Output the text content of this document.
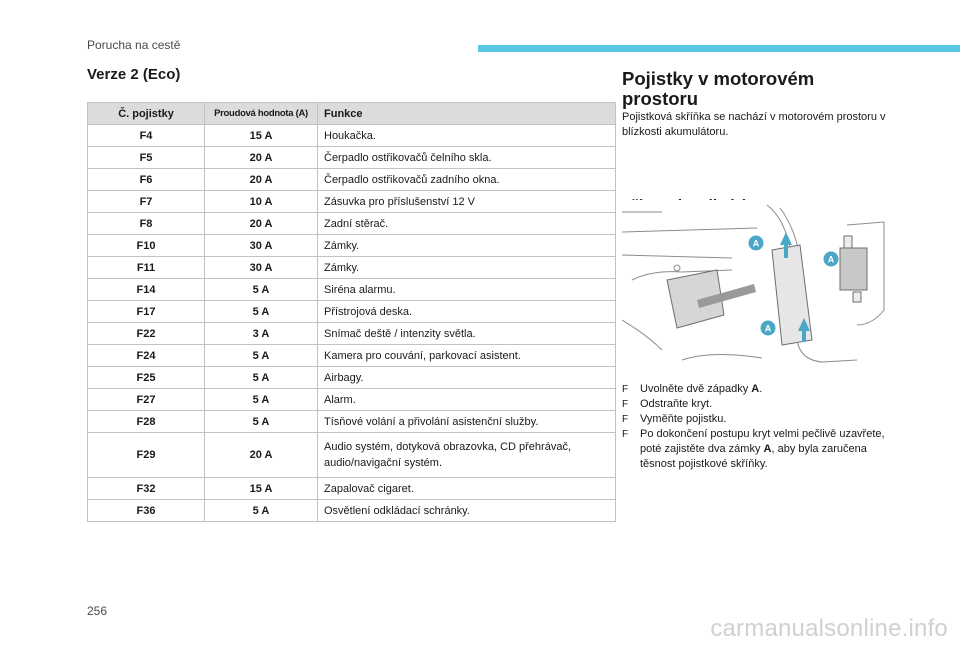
Porucha na cestě
Verze 2 (Eco)
Č. pojistky	Proudová hodnota (A)	Funkce
F4	15 A	Houkačka.
F5	20 A	Čerpadlo ostřikovačů čelního skla.
F6	20 A	Čerpadlo ostřikovačů zadního okna.
F7	10 A	Zásuvka pro příslušenství 12 V
F8	20 A	Zadní stěrač.
F10	30 A	Zámky.
F11	30 A	Zámky.
F14	5 A	Siréna alarmu.
F17	5 A	Přístrojová deska.
F22	3 A	Snímač deště / intenzity světla.
F24	5 A	Kamera pro couvání, parkovací asistent.
F25	5 A	Airbagy.
F27	5 A	Alarm.
F28	5 A	Tísňové volání a přivolání asistenční služby.
F29	20 A	Audio systém, dotyková obrazovka, CD přehrávač, audio/navigační systém.
F32	15 A	Zapalovač cigaret.
F36	5 A	Osvětlení odkládací schránky.
Pojistky v motorovém prostoru
Pojistková skříňka se nachází v motorovém prostoru v blízkosti akumulátoru.
A
A
A
F Uvolněte dvě západky A.
F Odstraňte kryt.
F Vyměňte pojistku.
F Po dokončení postupu kryt velmi pečlivě uzavřete, poté zajistěte dva zámky A, aby byla zaručena těsnost pojistkové skříňky.
256
carmanualsonline.info
